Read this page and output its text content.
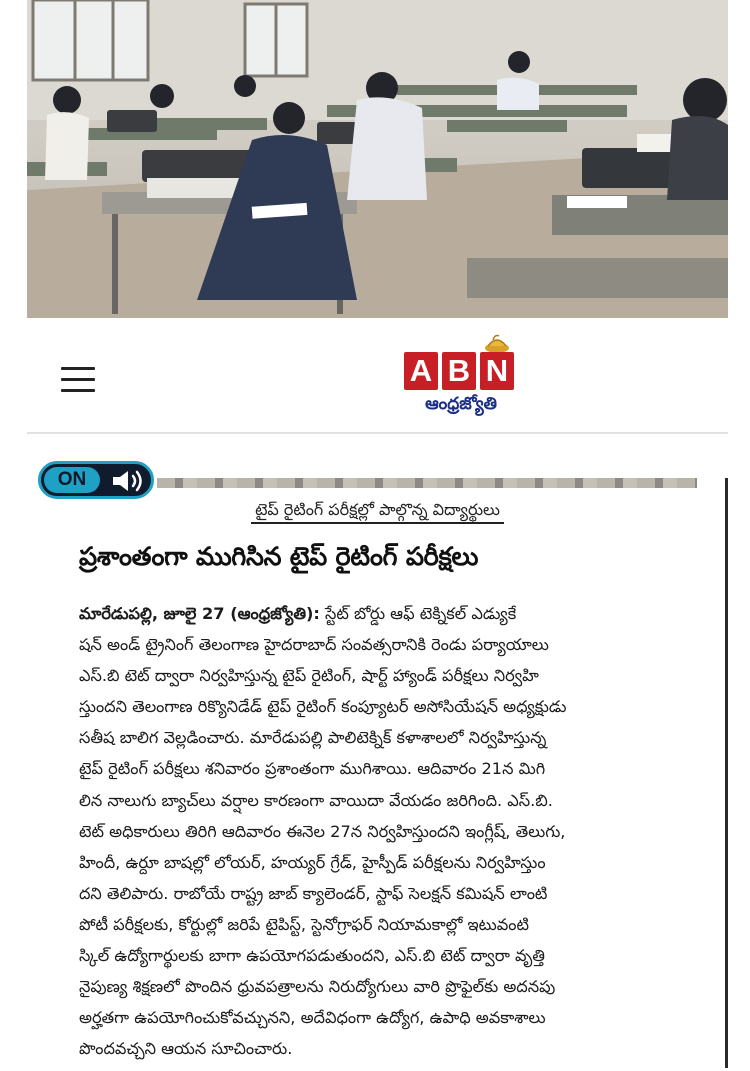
A B N
ఆంధ్రజ్యోతి
ON
టైప్ రైటింగ్ పరీక్షల్లో పాల్గొన్న విద్యార్థులు
ప్రశాంతంగా ముగిసిన టైప్ రైటింగ్ పరీక్షలు
మారేడుపల్లి, జూలై 27 (ఆంధ్రజ్యోతి): స్టేట్ బోర్డు ఆఫ్ టెక్నికల్ ఎడ్యుకే
షన్ అండ్ ట్రైనింగ్ తెలంగాణ హైదరాబాద్ సంవత్సరానికి రెండు పర్యాయాలు
ఎస్.బి టెట్ ద్వారా నిర్వహిస్తున్న టైప్ రైటింగ్, షార్ట్ హ్యాండ్ పరీక్షలు నిర్వహి
స్తుందని తెలంగాణ రిక్యొనిడేడ్ టైప్ రైటింగ్ కంప్యూటర్ అసోసియేషన్ అధ్యక్షుడు
సతీష బాలిగ వెల్లడించారు. మారేడుపల్లి పాలిటెక్నిక్ కళాశాలలో నిర్వహిస్తున్న
టైప్ రైటింగ్ పరీక్షలు శనివారం ప్రశాంతంగా ముగిశాయి. ఆదివారం 21న మిగి
లిన నాలుగు బ్యాచ్‌లు వర్షాల కారణంగా వాయిదా వేయడం జరిగింది. ఎస్.బి.
టెట్ అధికారులు తిరిగి ఆదివారం ఈనెల 27న నిర్వహిస్తుందని ఇంగ్లీష్, తెలుగు,
హిందీ, ఉర్దూ బాషల్లో లోయర్, హయ్యర్ గ్రేడ్, హైస్పీడ్ పరీక్షలను నిర్వహిస్తుం
దని తెలిపారు. రాబోయే రాష్ట్ర జాబ్ క్యాలెండర్, స్టాఫ్ సెలక్షన్ కమిషన్ లాంటి
పోటీ పరీక్షలకు, కోర్టుల్లో జరిపే టైపిస్ట్, స్టెనోగ్రాఫర్ నియామకాల్లో ఇటువంటి
స్కిల్ ఉద్యోగార్థులకు బాగా ఉపయోగపడుతుందని, ఎస్.బి టెట్ ద్వారా వృత్తి
నైపుణ్య శిక్షణలో పొందిన ధ్రువపత్రాలను నిరుద్యోగులు వారి ప్రొఫైల్‌కు అదనపు
అర్హతగా ఉపయోగించుకోవచ్చునని, అదేవిధంగా ఉద్యోగ, ఉపాధి అవకాశాలు
పొందవచ్చని ఆయన సూచించారు.
